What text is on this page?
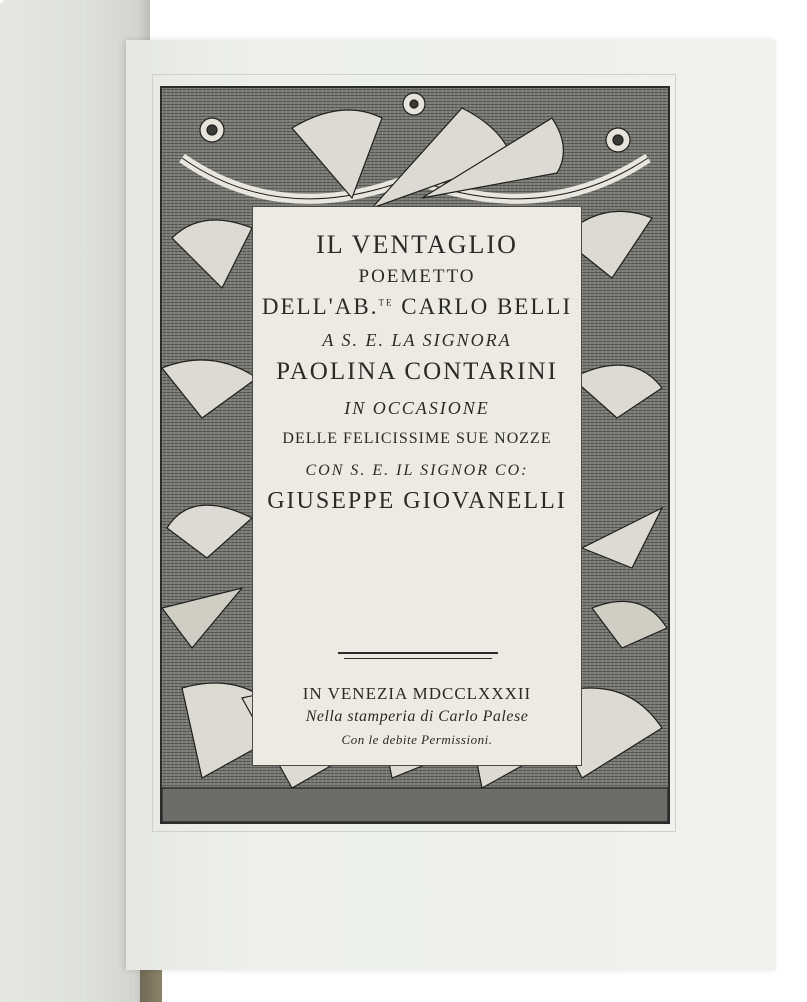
IL VENTAGLIO
POEMETTO
DELL'AB.$^{TE}$ CARLO BELLI
A S. E. LA SIGNORA
PAOLINA CONTARINI
IN OCCASIONE
DELLE FELICISSIME SUE NOZZE
CON S. E. IL SIGNOR CO:
GIUSEPPE GIOVANELLI
IN VENEZIA MDCCLXXXII
Nella stamperia di Carlo Palese
Con le debite Permissioni.
